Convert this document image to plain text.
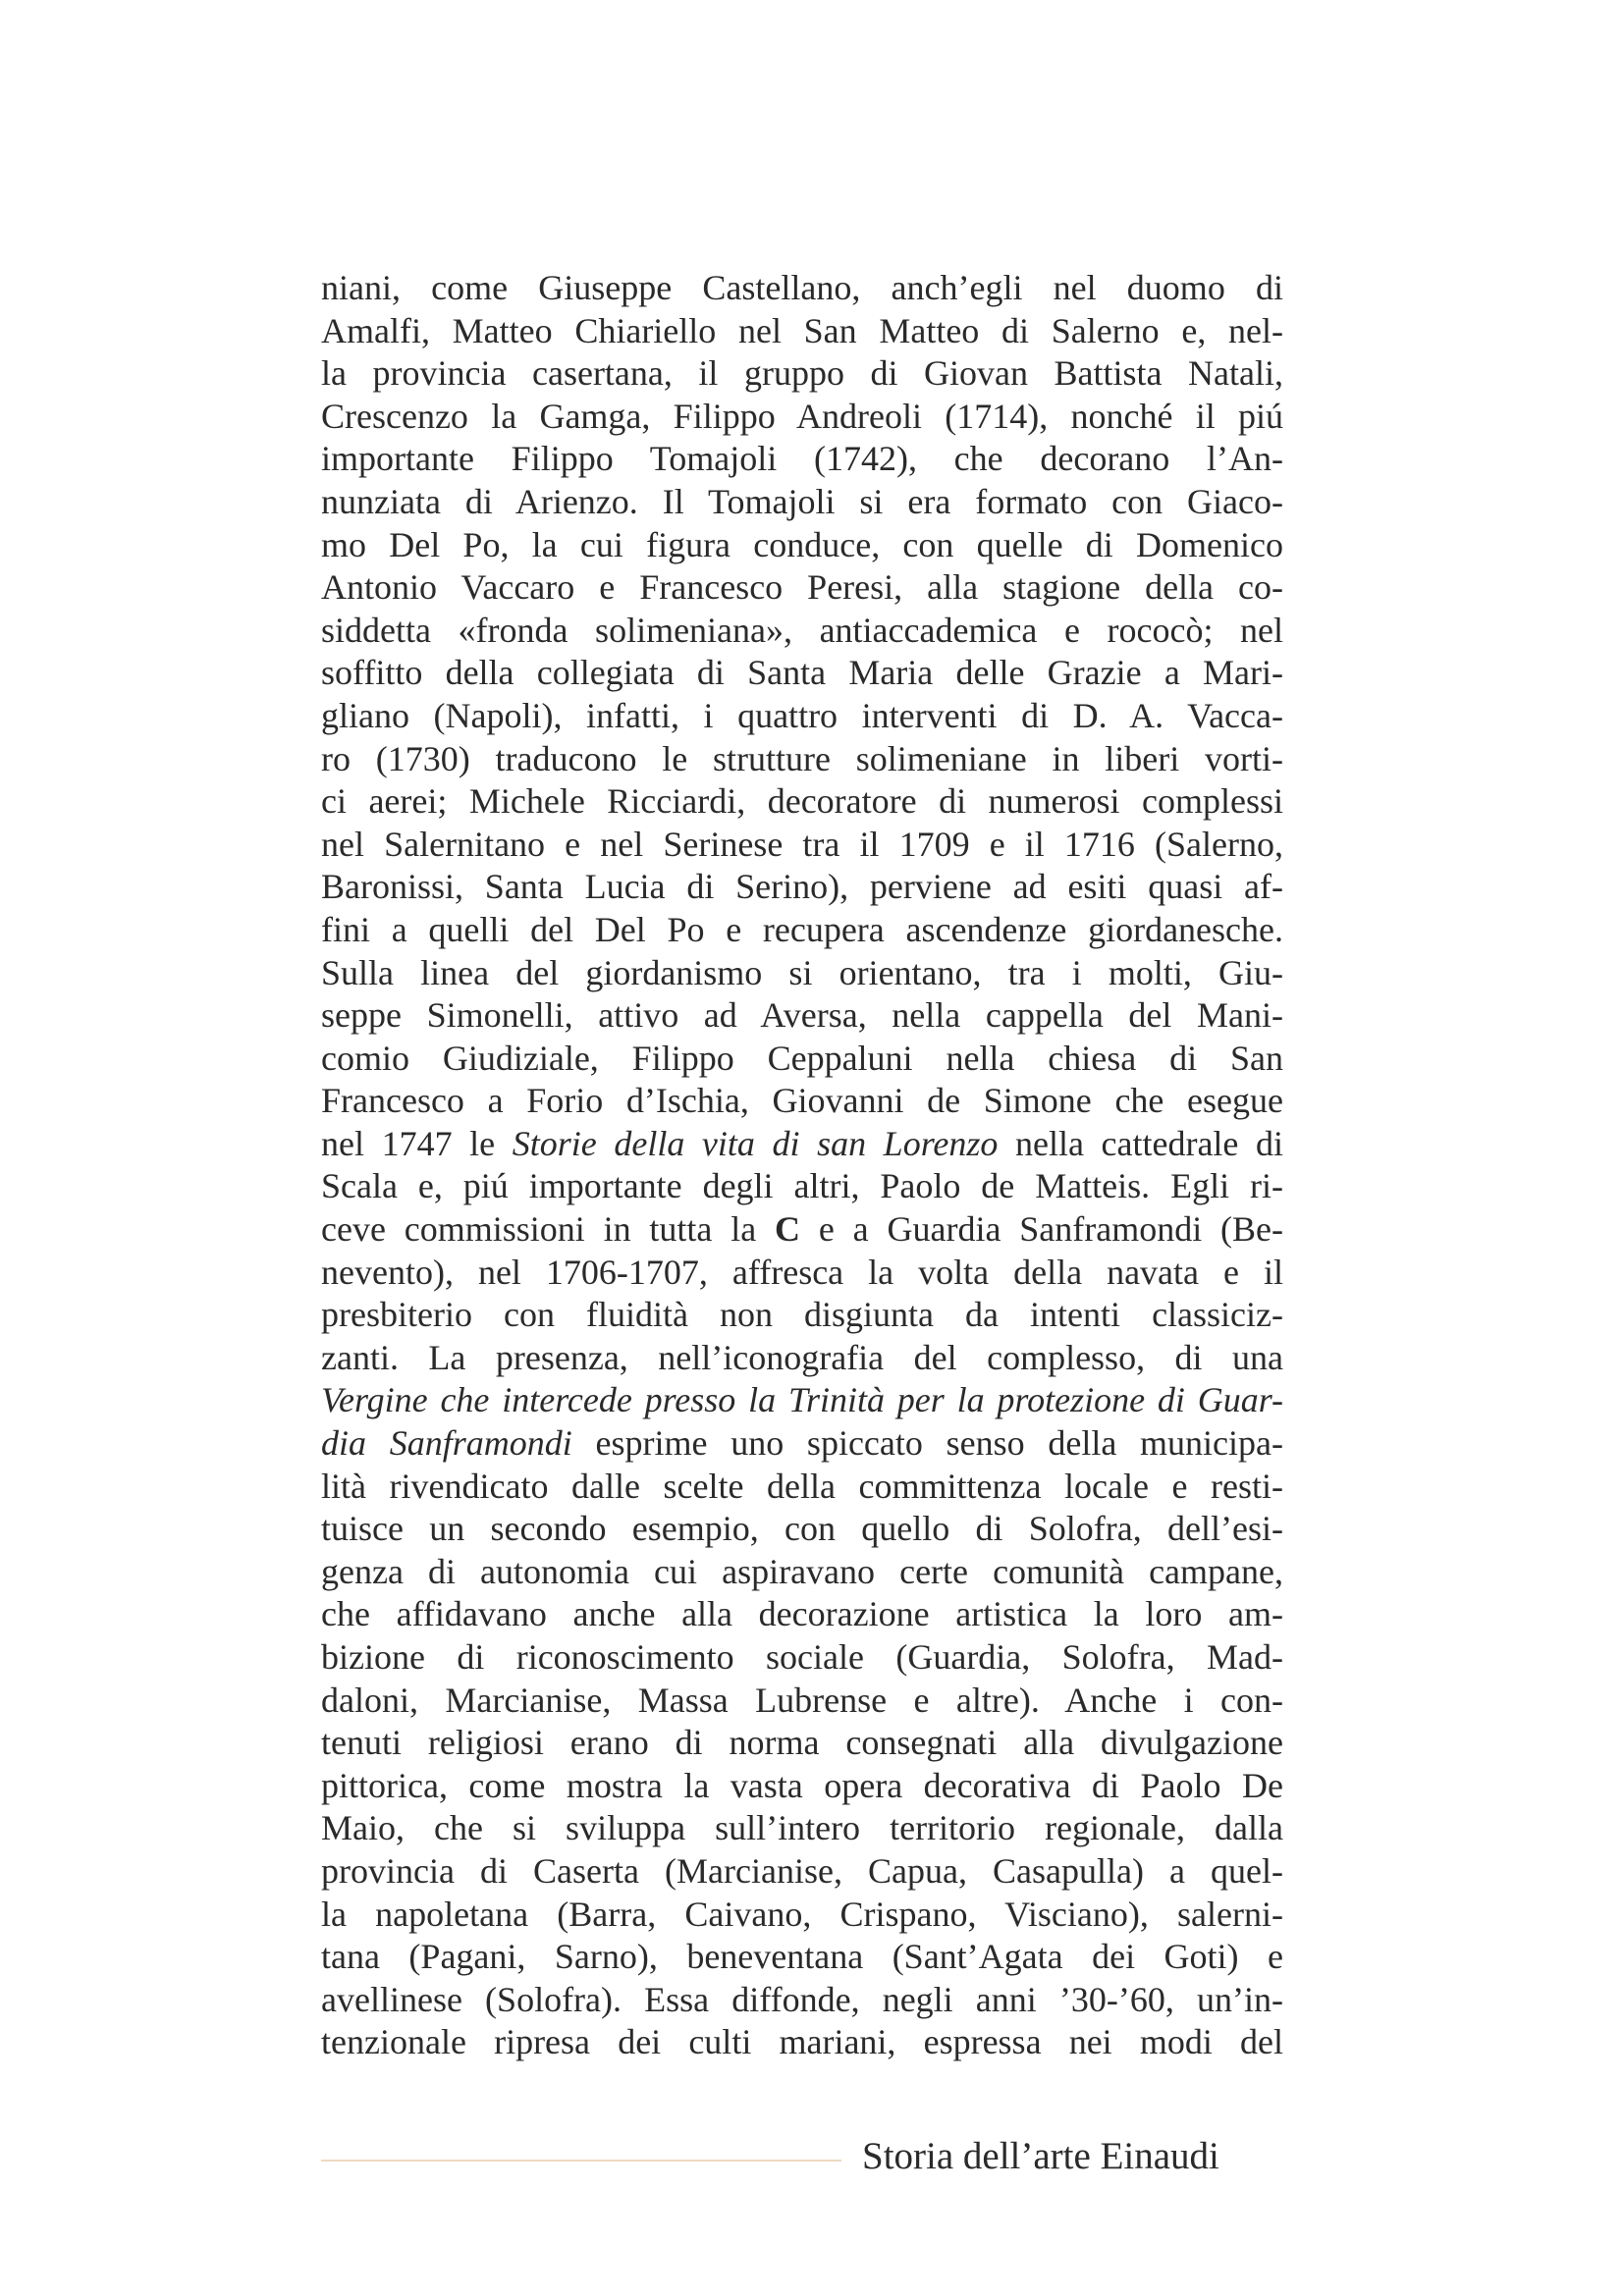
niani, come Giuseppe Castellano, anch’egli nel duomo di
Amalfi, Matteo Chiariello nel San Matteo di Salerno e, nel-
la provincia casertana, il gruppo di Giovan Battista Natali,
Crescenzo la Gamga, Filippo Andreoli (1714), nonché il piú
importante Filippo Tomajoli (1742), che decorano l’An-
nunziata di Arienzo. Il Tomajoli si era formato con Giaco-
mo Del Po, la cui figura conduce, con quelle di Domenico
Antonio Vaccaro e Francesco Peresi, alla stagione della co-
siddetta «fronda solimeniana», antiaccademica e rococò; nel
soffitto della collegiata di Santa Maria delle Grazie a Mari-
gliano (Napoli), infatti, i quattro interventi di D. A. Vacca-
ro (1730) traducono le strutture solimeniane in liberi vorti-
ci aerei; Michele Ricciardi, decoratore di numerosi complessi
nel Salernitano e nel Serinese tra il 1709 e il 1716 (Salerno,
Baronissi, Santa Lucia di Serino), perviene ad esiti quasi af-
fini a quelli del Del Po e recupera ascendenze giordanesche.
Sulla linea del giordanismo si orientano, tra i molti, Giu-
seppe Simonelli, attivo ad Aversa, nella cappella del Mani-
comio Giudiziale, Filippo Ceppaluni nella chiesa di San
Francesco a Forio d’Ischia, Giovanni de Simone che esegue
nel 1747 le Storie della vita di san Lorenzo nella cattedrale di
Scala e, piú importante degli altri, Paolo de Matteis. Egli ri-
ceve commissioni in tutta la C e a Guardia Sanframondi (Be-
nevento), nel 1706-1707, affresca la volta della navata e il
presbiterio con fluidità non disgiunta da intenti classiciz-
zanti. La presenza, nell’iconografia del complesso, di una
Vergine che intercede presso la Trinità per la protezione di Guar-
dia Sanframondi esprime uno spiccato senso della municipa-
lità rivendicato dalle scelte della committenza locale e resti-
tuisce un secondo esempio, con quello di Solofra, dell’esi-
genza di autonomia cui aspiravano certe comunità campane,
che affidavano anche alla decorazione artistica la loro am-
bizione di riconoscimento sociale (Guardia, Solofra, Mad-
daloni, Marcianise, Massa Lubrense e altre). Anche i con-
tenuti religiosi erano di norma consegnati alla divulgazione
pittorica, come mostra la vasta opera decorativa di Paolo De
Maio, che si sviluppa sull’intero territorio regionale, dalla
provincia di Caserta (Marcianise, Capua, Casapulla) a quel-
la napoletana (Barra, Caivano, Crispano, Visciano), salerni-
tana (Pagani, Sarno), beneventana (Sant’Agata dei Goti) e
avellinese (Solofra). Essa diffonde, negli anni ’30-’60, un’in-
tenzionale ripresa dei culti mariani, espressa nei modi del
Storia dell’arte Einaudi
